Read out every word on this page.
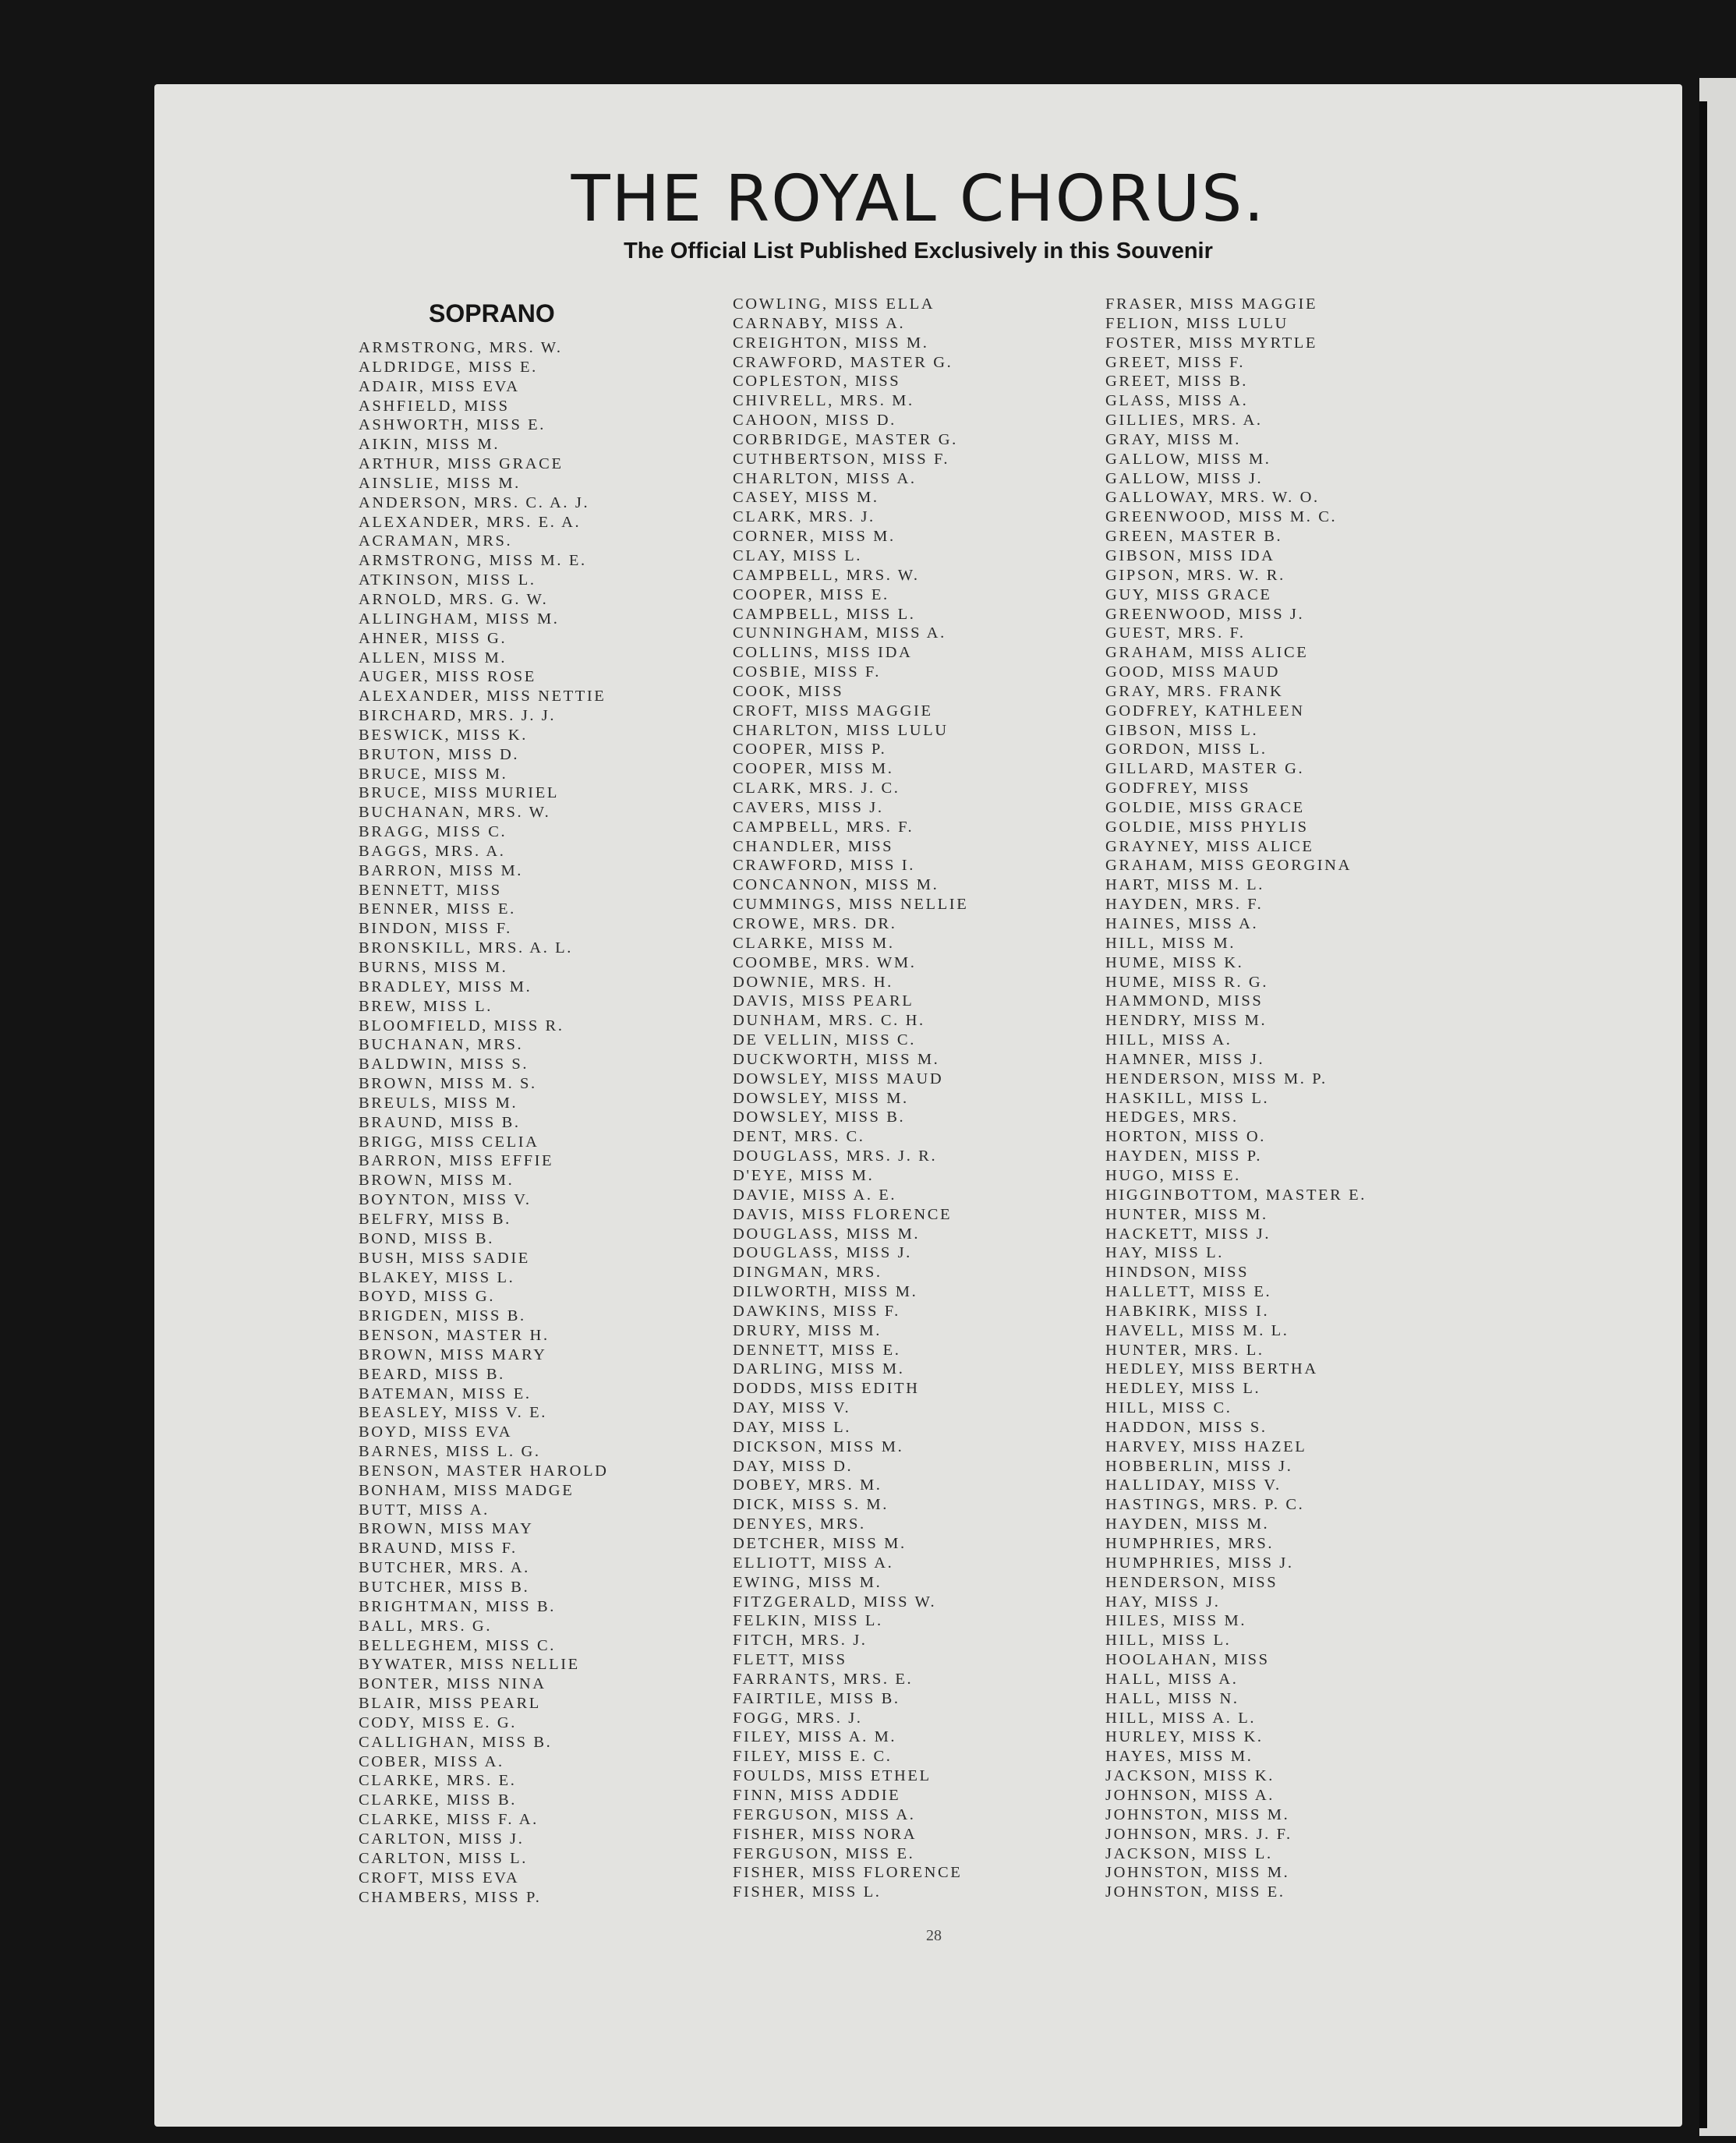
THE ROYAL CHORUS.
The Official List Published Exclusively in this Souvenir
SOPRANO
ARMSTRONG, MRS. W.
ALDRIDGE, MISS E.
ADAIR, MISS EVA
ASHFIELD, MISS
ASHWORTH, MISS E.
AIKIN, MISS M.
ARTHUR, MISS GRACE
AINSLIE, MISS M.
ANDERSON, MRS. C. A. J.
ALEXANDER, MRS. E. A.
ACRAMAN, MRS.
ARMSTRONG, MISS M. E.
ATKINSON, MISS L.
ARNOLD, MRS. G. W.
ALLINGHAM, MISS M.
AHNER, MISS G.
ALLEN, MISS M.
AUGER, MISS ROSE
ALEXANDER, MISS NETTIE
BIRCHARD, MRS. J. J.
BESWICK, MISS K.
BRUTON, MISS D.
BRUCE, MISS M.
BRUCE, MISS MURIEL
BUCHANAN, MRS. W.
BRAGG, MISS C.
BAGGS, MRS. A.
BARRON, MISS M.
BENNETT, MISS
BENNER, MISS E.
BINDON, MISS F.
BRONSKILL, MRS. A. L.
BURNS, MISS M.
BRADLEY, MISS M.
BREW, MISS L.
BLOOMFIELD, MISS R.
BUCHANAN, MRS.
BALDWIN, MISS S.
BROWN, MISS M. S.
BREULS, MISS M.
BRAUND, MISS B.
BRIGG, MISS CELIA
BARRON, MISS EFFIE
BROWN, MISS M.
BOYNTON, MISS V.
BELFRY, MISS B.
BOND, MISS B.
BUSH, MISS SADIE
BLAKEY, MISS L.
BOYD, MISS G.
BRIGDEN, MISS B.
BENSON, MASTER H.
BROWN, MISS MARY
BEARD, MISS B.
BATEMAN, MISS E.
BEASLEY, MISS V. E.
BOYD, MISS EVA
BARNES, MISS L. G.
BENSON, MASTER HAROLD
BONHAM, MISS MADGE
BUTT, MISS A.
BROWN, MISS MAY
BRAUND, MISS F.
BUTCHER, MRS. A.
BUTCHER, MISS B.
BRIGHTMAN, MISS B.
BALL, MRS. G.
BELLEGHEM, MISS C.
BYWATER, MISS NELLIE
BONTER, MISS NINA
BLAIR, MISS PEARL
CODY, MISS E. G.
CALLIGHAN, MISS B.
COBER, MISS A.
CLARKE, MRS. E.
CLARKE, MISS B.
CLARKE, MISS F. A.
CARLTON, MISS J.
CARLTON, MISS L.
CROFT, MISS EVA
CHAMBERS, MISS P.
COWLING, MISS ELLA
CARNABY, MISS A.
CREIGHTON, MISS M.
CRAWFORD, MASTER G.
COPLESTON, MISS
CHIVRELL, MRS. M.
CAHOON, MISS D.
CORBRIDGE, MASTER G.
CUTHBERTSON, MISS F.
CHARLTON, MISS A.
CASEY, MISS M.
CLARK, MRS. J.
CORNER, MISS M.
CLAY, MISS L.
CAMPBELL, MRS. W.
COOPER, MISS E.
CAMPBELL, MISS L.
CUNNINGHAM, MISS A.
COLLINS, MISS IDA
COSBIE, MISS F.
COOK, MISS
CROFT, MISS MAGGIE
CHARLTON, MISS LULU
COOPER, MISS P.
COOPER, MISS M.
CLARK, MRS. J. C.
CAVERS, MISS J.
CAMPBELL, MRS. F.
CHANDLER, MISS
CRAWFORD, MISS I.
CONCANNON, MISS M.
CUMMINGS, MISS NELLIE
CROWE, MRS. DR.
CLARKE, MISS M.
COOMBE, MRS. WM.
DOWNIE, MRS. H.
DAVIS, MISS PEARL
DUNHAM, MRS. C. H.
DE VELLIN, MISS C.
DUCKWORTH, MISS M.
DOWSLEY, MISS MAUD
DOWSLEY, MISS M.
DOWSLEY, MISS B.
DENT, MRS. C.
DOUGLASS, MRS. J. R.
D'EYE, MISS M.
DAVIE, MISS A. E.
DAVIS, MISS FLORENCE
DOUGLASS, MISS M.
DOUGLASS, MISS J.
DINGMAN, MRS.
DILWORTH, MISS M.
DAWKINS, MISS F.
DRURY, MISS M.
DENNETT, MISS E.
DARLING, MISS M.
DODDS, MISS EDITH
DAY, MISS V.
DAY, MISS L.
DICKSON, MISS M.
DAY, MISS D.
DOBEY, MRS. M.
DICK, MISS S. M.
DENYES, MRS.
DETCHER, MISS M.
ELLIOTT, MISS A.
EWING, MISS M.
FITZGERALD, MISS W.
FELKIN, MISS L.
FITCH, MRS. J.
FLETT, MISS
FARRANTS, MRS. E.
FAIRTILE, MISS B.
FOGG, MRS. J.
FILEY, MISS A. M.
FILEY, MISS E. C.
FOULDS, MISS ETHEL
FINN, MISS ADDIE
FERGUSON, MISS A.
FISHER, MISS NORA
FERGUSON, MISS E.
FISHER, MISS FLORENCE
FISHER, MISS L.
FRASER, MISS MAGGIE
FELION, MISS LULU
FOSTER, MISS MYRTLE
GREET, MISS F.
GREET, MISS B.
GLASS, MISS A.
GILLIES, MRS. A.
GRAY, MISS M.
GALLOW, MISS M.
GALLOW, MISS J.
GALLOWAY, MRS. W. O.
GREENWOOD, MISS M. C.
GREEN, MASTER B.
GIBSON, MISS IDA
GIPSON, MRS. W. R.
GUY, MISS GRACE
GREENWOOD, MISS J.
GUEST, MRS. F.
GRAHAM, MISS ALICE
GOOD, MISS MAUD
GRAY, MRS. FRANK
GODFREY, KATHLEEN
GIBSON, MISS L.
GORDON, MISS L.
GILLARD, MASTER G.
GODFREY, MISS
GOLDIE, MISS GRACE
GOLDIE, MISS PHYLIS
GRAYNEY, MISS ALICE
GRAHAM, MISS GEORGINA
HART, MISS M. L.
HAYDEN, MRS. F.
HAINES, MISS A.
HILL, MISS M.
HUME, MISS K.
HUME, MISS R. G.
HAMMOND, MISS
HENDRY, MISS M.
HILL, MISS A.
HAMNER, MISS J.
HENDERSON, MISS M. P.
HASKILL, MISS L.
HEDGES, MRS.
HORTON, MISS O.
HAYDEN, MISS P.
HUGO, MISS E.
HIGGINBOTTOM, MASTER E.
HUNTER, MISS M.
HACKETT, MISS J.
HAY, MISS L.
HINDSON, MISS
HALLETT, MISS E.
HABKIRK, MISS I.
HAVELL, MISS M. L.
HUNTER, MRS. L.
HEDLEY, MISS BERTHA
HEDLEY, MISS L.
HILL, MISS C.
HADDON, MISS S.
HARVEY, MISS HAZEL
HOBBERLIN, MISS J.
HALLIDAY, MISS V.
HASTINGS, MRS. P. C.
HAYDEN, MISS M.
HUMPHRIES, MRS.
HUMPHRIES, MISS J.
HENDERSON, MISS
HAY, MISS J.
HILES, MISS M.
HILL, MISS L.
HOOLAHAN, MISS
HALL, MISS A.
HALL, MISS N.
HILL, MISS A. L.
HURLEY, MISS K.
HAYES, MISS M.
JACKSON, MISS K.
JOHNSON, MISS A.
JOHNSTON, MISS M.
JOHNSON, MRS. J. F.
JACKSON, MISS L.
JOHNSTON, MISS M.
JOHNSTON, MISS E.
28
